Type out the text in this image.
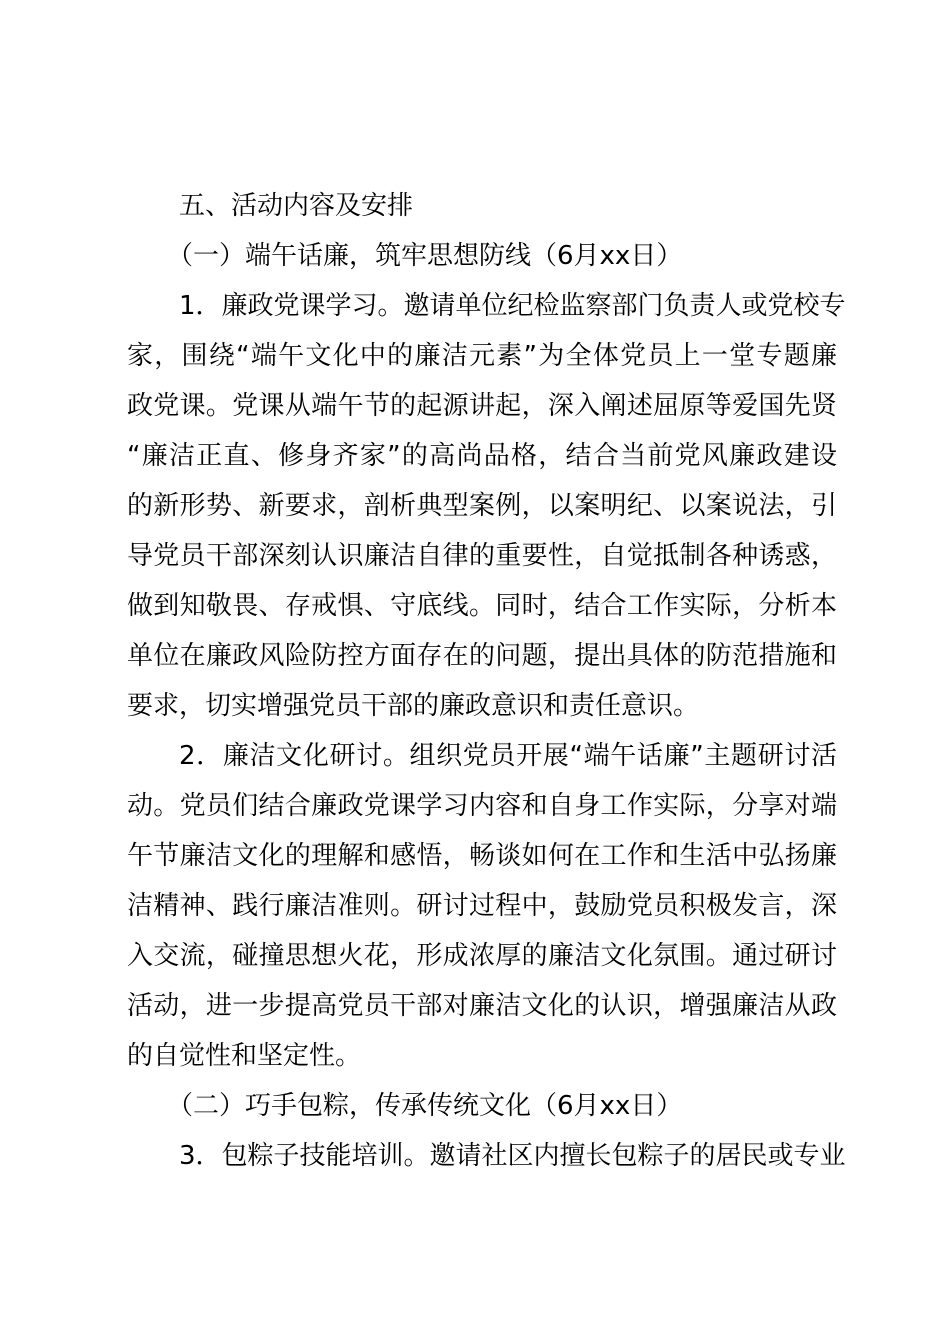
五、活动内容及安排
（一）端午话廉，筑牢思想防线（6月xx日）
1．廉政党课学习。邀请单位纪检监察部门负责人或党校专
家，围绕“端午文化中的廉洁元素”为全体党员上一堂专题廉
政党课。党课从端午节的起源讲起，深入阐述屈原等爱国先贤
“廉洁正直、修身齐家”的高尚品格，结合当前党风廉政建设
的新形势、新要求，剖析典型案例，以案明纪、以案说法，引
导党员干部深刻认识廉洁自律的重要性，自觉抵制各种诱惑，
做到知敬畏、存戒惧、守底线。同时，结合工作实际，分析本
单位在廉政风险防控方面存在的问题，提出具体的防范措施和
要求，切实增强党员干部的廉政意识和责任意识。
2．廉洁文化研讨。组织党员开展“端午话廉”主题研讨活
动。党员们结合廉政党课学习内容和自身工作实际，分享对端
午节廉洁文化的理解和感悟，畅谈如何在工作和生活中弘扬廉
洁精神、践行廉洁准则。研讨过程中，鼓励党员积极发言，深
入交流，碰撞思想火花，形成浓厚的廉洁文化氛围。通过研讨
活动，进一步提高党员干部对廉洁文化的认识，增强廉洁从政
的自觉性和坚定性。
（二）巧手包粽，传承传统文化（6月xx日）
3．包粽子技能培训。邀请社区内擅长包粽子的居民或专业
